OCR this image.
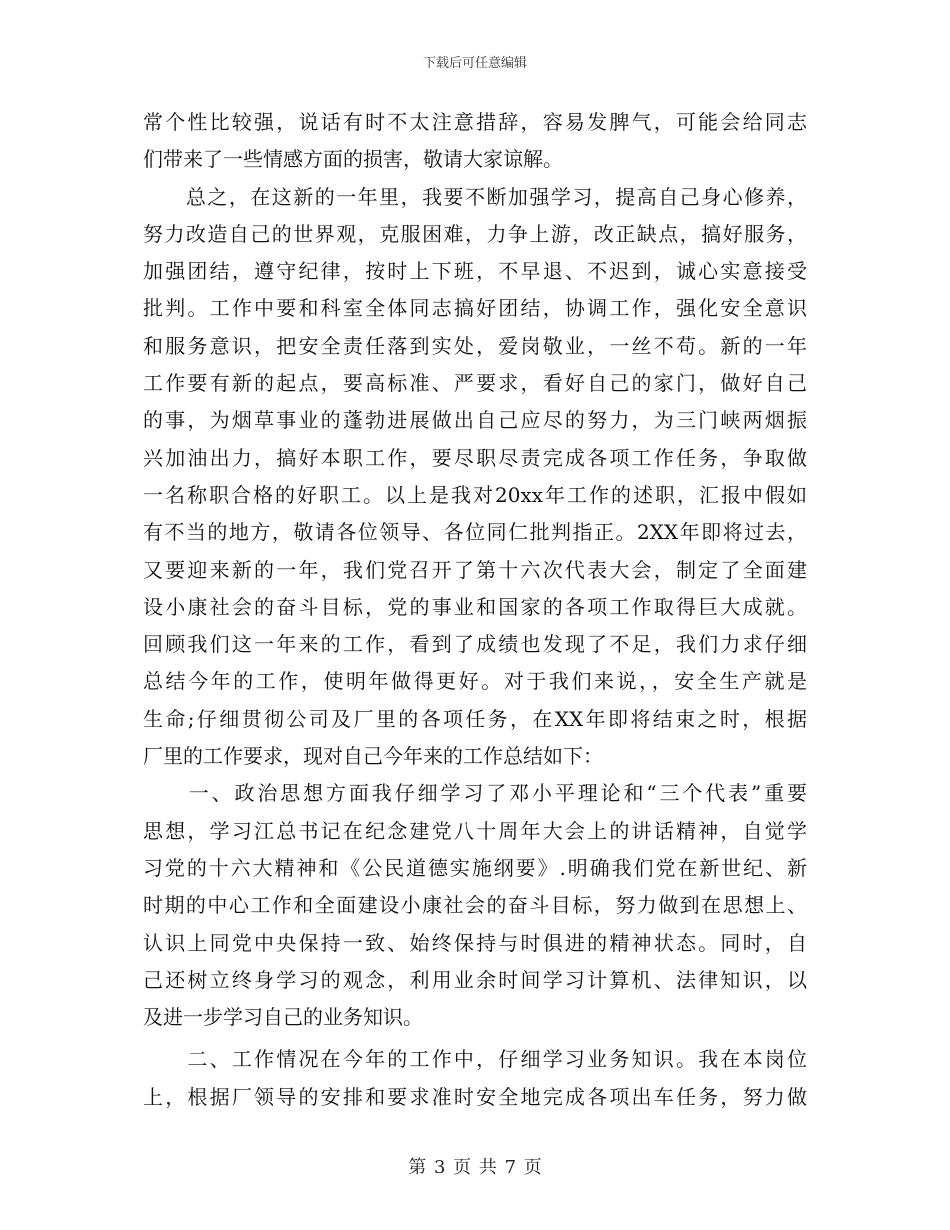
下载后可任意编辑
常个性比较强，说话有时不太注意措辞，容易发脾气，可能会给同志
们带来了一些情感方面的损害，敬请大家谅解。
　　总之，在这新的一年里，我要不断加强学习，提高自己身心修养，
努力改造自己的世界观，克服困难，力争上游，改正缺点，搞好服务，
加强团结，遵守纪律，按时上下班，不早退、不迟到，诚心实意接受
批判。工作中要和科室全体同志搞好团结，协调工作，强化安全意识
和服务意识，把安全责任落到实处，爱岗敬业，一丝不苟。新的一年
工作要有新的起点，要高标准、严要求，看好自己的家门，做好自己
的事，为烟草事业的蓬勃进展做出自己应尽的努力，为三门峡两烟振
兴加油出力，搞好本职工作，要尽职尽责完成各项工作任务，争取做
一名称职合格的好职工。以上是我对20xx年工作的述职，汇报中假如
有不当的地方，敬请各位领导、各位同仁批判指正。2XX年即将过去，
又要迎来新的一年，我们党召开了第十六次代表大会，制定了全面建
设小康社会的奋斗目标，党的事业和国家的各项工作取得巨大成就。
回顾我们这一年来的工作，看到了成绩也发现了不足，我们力求仔细
总结今年的工作，使明年做得更好。对于我们来说，，安全生产就是
生命;仔细贯彻公司及厂里的各项任务，在XX年即将结束之时，根据
厂里的工作要求，现对自己今年来的工作总结如下：
　　一、政治思想方面我仔细学习了邓小平理论和“三个代表”重要
思想，学习江总书记在纪念建党八十周年大会上的讲话精神，自觉学
习党的十六大精神和《公民道德实施纲要》.明确我们党在新世纪、新
时期的中心工作和全面建设小康社会的奋斗目标，努力做到在思想上、
认识上同党中央保持一致、始终保持与时俱进的精神状态。同时，自
己还树立终身学习的观念，利用业余时间学习计算机、法律知识，以
及进一步学习自己的业务知识。
　　二、工作情况在今年的工作中，仔细学习业务知识。我在本岗位
上，根据厂领导的安排和要求准时安全地完成各项出车任务，努力做
第 3 页 共 7 页
